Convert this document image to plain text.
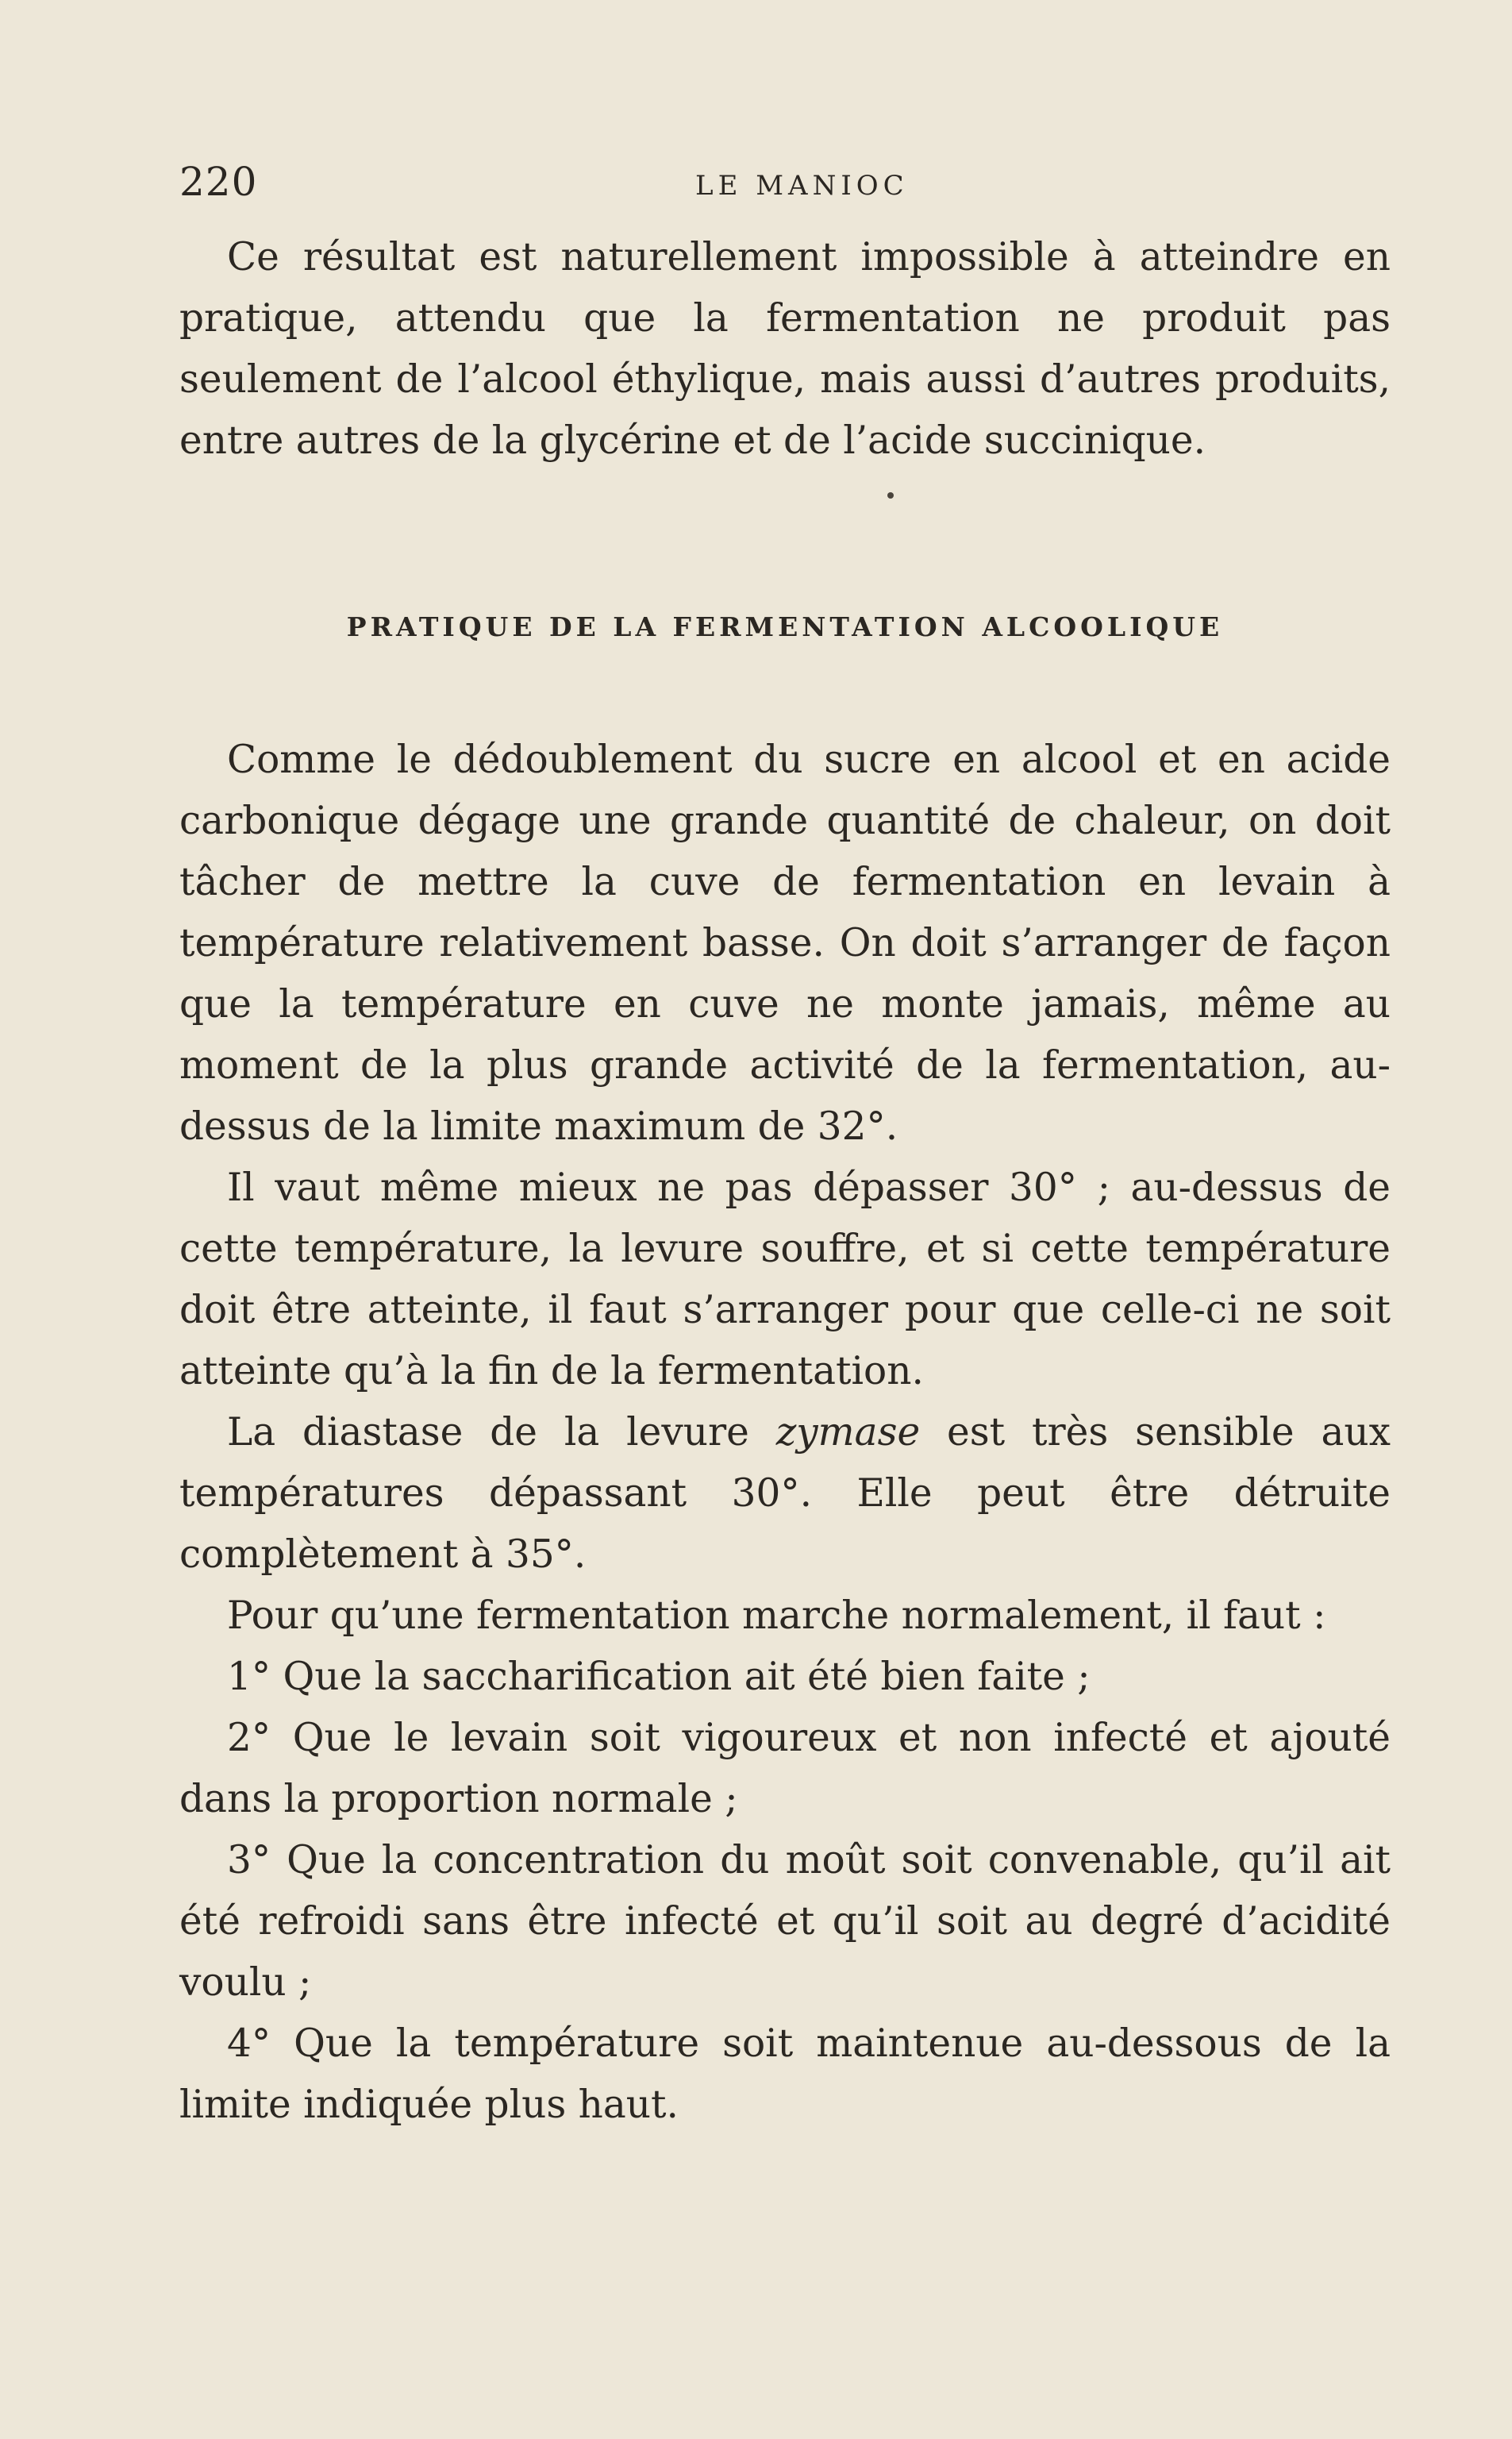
220	LE MANIOC

Ce résultat est naturellement impossible à atteindre en pratique, attendu que la fermentation ne produit pas seulement de l’alcool éthylique, mais aussi d’autres produits, entre autres de la glycérine et de l’acide succinique.

PRATIQUE DE LA FERMENTATION ALCOOLIQUE

Comme le dédoublement du sucre en alcool et en acide carbonique dégage une grande quantité de chaleur, on doit tâcher de mettre la cuve de fermentation en levain à température relativement basse. On doit s’arranger de façon que la température en cuve ne monte jamais, même au moment de la plus grande activité de la fermentation, au-dessus de la limite maximum de 32°.

Il vaut même mieux ne pas dépasser 30° ; au-dessus de cette température, la levure souffre, et si cette température doit être atteinte, il faut s’arranger pour que celle-ci ne soit atteinte qu’à la fin de la fermentation.

La diastase de la levure zymase est très sensible aux températures dépassant 30°. Elle peut être détruite complètement à 35°.

Pour qu’une fermentation marche normalement, il faut :

1° Que la saccharification ait été bien faite ;

2° Que le levain soit vigoureux et non infecté et ajouté dans la proportion normale ;

3° Que la concentration du moût soit convenable, qu’il ait été refroidi sans être infecté et qu’il soit au degré d’acidité voulu ;

4° Que la température soit maintenue au-dessous de la limite indiquée plus haut.
